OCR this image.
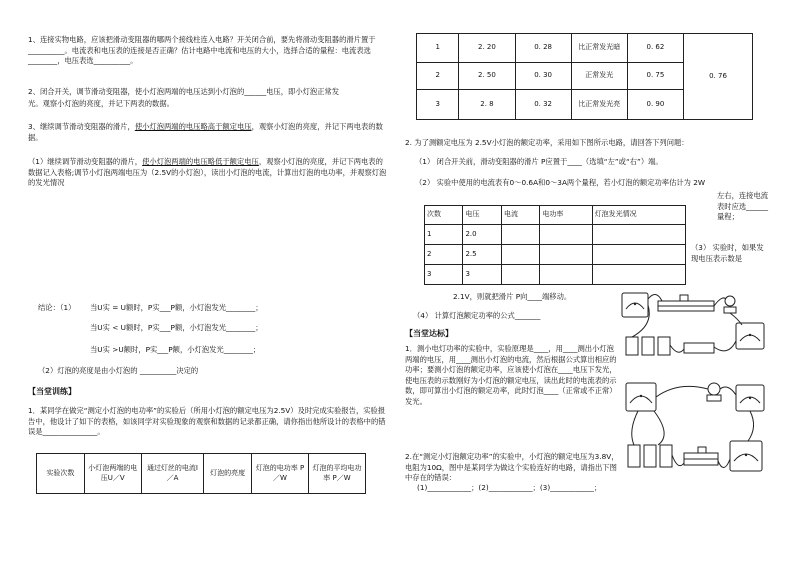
1、连接实物电路，应该把滑动变阻器的哪两个接线柱连入电路？开关闭合前，要先将滑动变阻器的滑片置于__________。电流表和电压表的连接是否正确？估计电路中电流和电压的大小，选择合适的量程：电流表选________，电压表选__________。

2、闭合开关，调节滑动变阻器，使小灯泡两端的电压达到小灯泡的______电压，即小灯泡正常发

光。观察小灯泡的亮度，并记下两表的数据。

3、继续调节滑动变阻器的滑片，使小灯泡两端的电压略高于额定电压，观察小灯泡的亮度，并记下两电表的数据。

（1）继续调节滑动变阻器的滑片，使小灯泡两端的电压略低于额定电压，观察小灯泡的亮度，并记下两电表的数据记入表格;调节小灯泡两端电压为（2.5V的小灯泡），读出小灯泡的电流，计算出灯泡的电功率，并观察灯泡的发光情况

结论：（1） 当U实 = U额时，P实___P额，小灯泡发光________；

当U实 < U额时，P实___P额，小灯泡发光________；

当U实 >U额时，P实___P额，小灯泡发光________；

（2）灯泡的亮度是由小灯泡的 __________决定的

【当堂训练】

1．某同学在做完“测定小灯泡的电功率”的实验后（所用小灯泡的额定电压为2.5V）及时完成实验报告，实验报告中，他设计了如下的表格，如该同学对实验现象的观察和数据的记录都正确，请你指出他所设计的表格中的错误是_______________。

实验次数	小灯泡两端的电压U／V	通过灯丝的电流I／A	灯泡的亮度	灯泡的电功率 P／W	灯泡的平均电功率 P／W
1	2. 20	0. 28	比正常发光暗	0. 62	0. 76
2	2. 50	0. 30	正常发光	0. 75	
3	2. 8	0. 32	比正常发光亮	0. 90	

2. 为了测额定电压为 2.5V小灯泡的额定功率，采用如下图所示电路，请回答下列问题：

（1） 闭合开关前，滑动变阻器的滑片 P应置于____（选填“左”或“右”）端。

（2） 实验中使用的电流表有0～0.6A和0～3A两个量程，若小灯泡的额定功率估计为 2W

左右，连接电流表时应选______量程；

（3） 实验时，如果发现电压表示数是

2.1V，则就把滑片 P向____端移动。

（4） 计算灯泡额定功率的公式_______

【当堂达标】

1．测小电灯功率的实验中，实验原理是____，用____测出小灯泡两端的电压，用____测出小灯泡的电流，然后根据公式算出相应的功率；要测小灯泡的额定功率，应该使小灯泡在____电压下发光，使电压表的示数刚好为小灯泡的额定电压，读出此时的电流表的示数，即可算出小灯泡的额定功率，此时灯泡____（正常或不正常）发光。

2.在“测定小灯泡额定功率”的实验中，小灯泡的额定电压为3.8V，电阻为10Ω，图中是某同学为做这个实验连好的电路，请指出下图中存在的错误：

(1)____________；(2)____________；(3)____________；

次数	电压	电流	电功率	灯泡发光情况
1	2.0			
2	2.5			
3	3			
